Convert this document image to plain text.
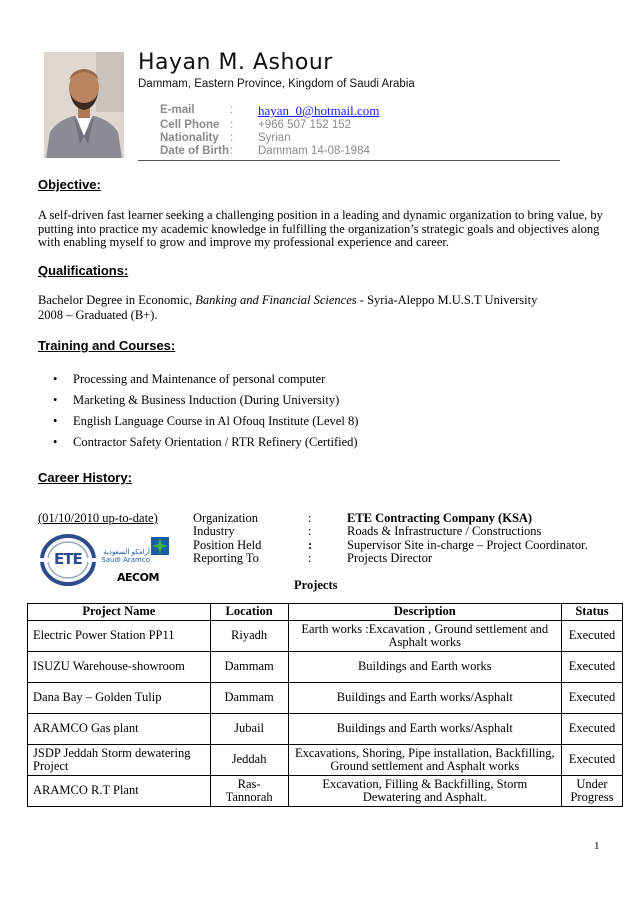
Hayan M. Ashour
Dammam, Eastern Province, Kingdom of Saudi Arabia
E-mail	: hayan_0@hotmail.com
Cell Phone : +966 507 152 152
Nationality : Syrian
Date of Birth : Dammam 14-08-1984
Objective:
A self-driven fast learner seeking a challenging position in a leading and dynamic organization to bring value, by putting into practice my academic knowledge in fulfilling the organization’s strategic goals and objectives along with enabling myself to grow and improve my professional experience and career.
Qualifications:
Bachelor Degree in Economic, Banking and Financial Sciences - Syria-Aleppo M.U.S.T University
2008 – Graduated (B+).
Training and Courses:
• Processing and Maintenance of personal computer
• Marketing & Business Induction (During University)
• English Language Course in Al Ofouq Institute (Level 8)
• Contractor Safety Orientation / RTR Refinery (Certified)
Career History:
(01/10/2010 up-to-date)	Organization	:	ETE Contracting Company (KSA)
Industry	:	Roads & Infrastructure / Constructions
Position Held	:	Supervisor Site in-charge – Project Coordinator.
Reporting To	:	Projects Director
ETE	أرامكو السعودية
Saudi Aramco
AECOM
Projects
Project Name	Location	Description	Status
Electric Power Station PP11	Riyadh	Earth works :Excavation , Ground settlement and Asphalt works	Executed
ISUZU Warehouse-showroom	Dammam	Buildings and Earth works	Executed
Dana Bay – Golden Tulip	Dammam	Buildings and Earth works/Asphalt	Executed
ARAMCO Gas plant	Jubail	Buildings and Earth works/Asphalt	Executed
JSDP Jeddah Storm dewatering Project	Jeddah	Excavations, Shoring, Pipe installation, Backfilling, Ground settlement and Asphalt works	Executed
ARAMCO R.T Plant	Ras-Tannorah	Excavation, Filling & Backfilling, Storm Dewatering and Asphalt.	Under Progress
1
